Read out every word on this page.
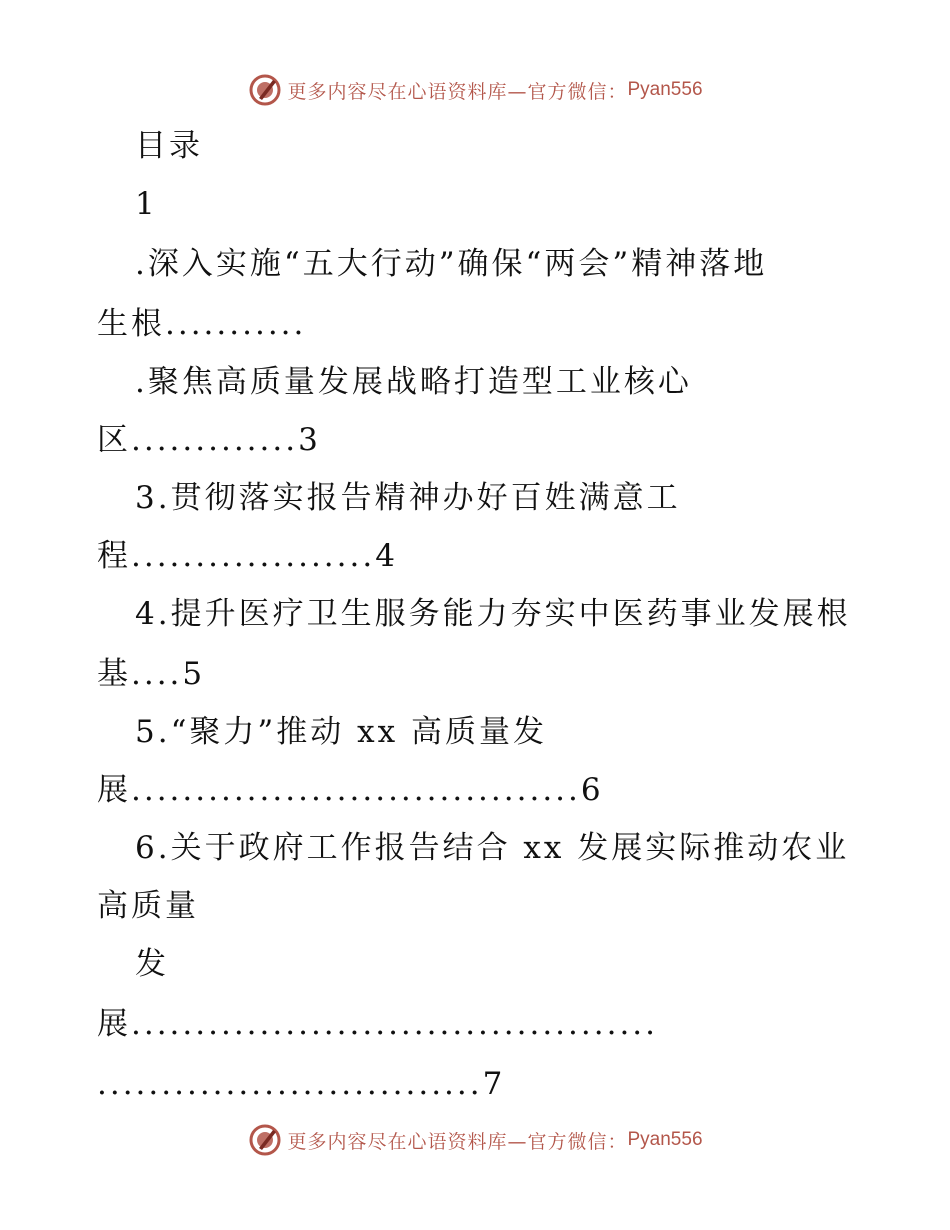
更多内容尽在心语资料库—官方微信： Pyan556
目录
1
.深入实施“五大行动”确保“两会”精神落地
生根...........
.聚焦高质量发展战略打造型工业核心
区.............3
3.贯彻落实报告精神办好百姓满意工
程...................4
4.提升医疗卫生服务能力夯实中医药事业发展根
基....5
5.“聚力”推动 xx 高质量发
展...................................6
6.关于政府工作报告结合 xx 发展实际推动农业
高质量
发
展.........................................
..............................7
更多内容尽在心语资料库—官方微信： Pyan556
